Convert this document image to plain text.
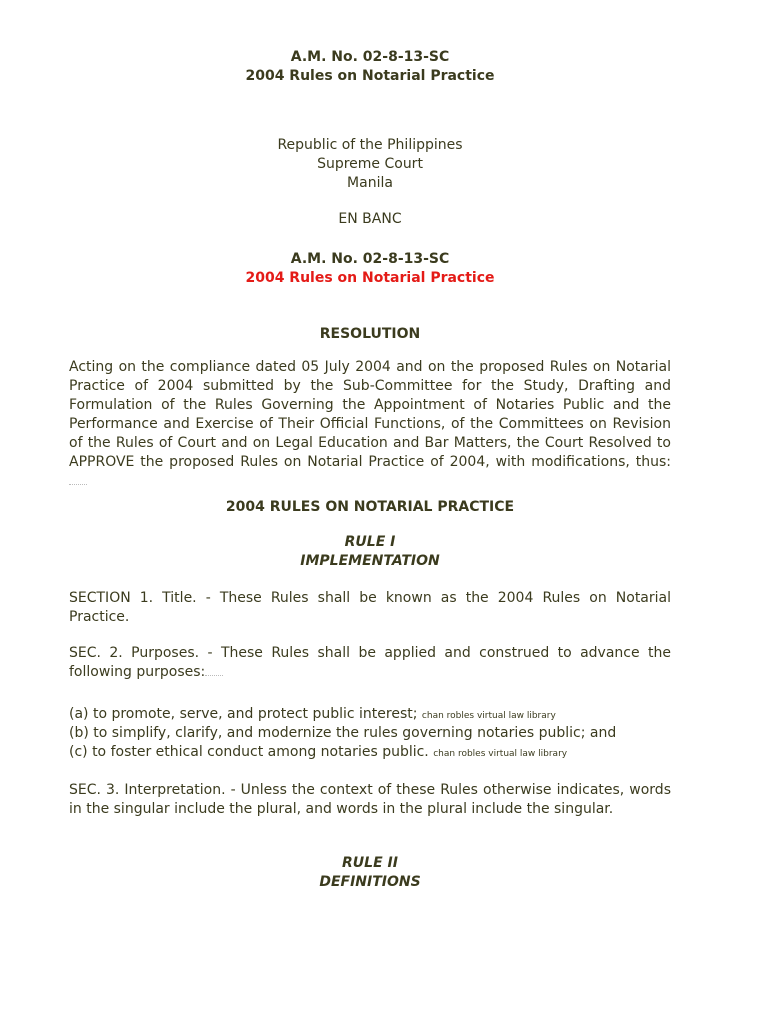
A.M. No. 02-8-13-SC
2004 Rules on Notarial Practice
Republic of the Philippines
Supreme Court
Manila
EN BANC
A.M. No. 02-8-13-SC
2004 Rules on Notarial Practice
RESOLUTION
Acting on the compliance dated 05 July 2004 and on the proposed Rules on Notarial Practice of 2004 submitted by the Sub-Committee for the Study, Drafting and Formulation of the Rules Governing the Appointment of Notaries Public and the Performance and Exercise of Their Official Functions, of the Committees on Revision of the Rules of Court and on Legal Education and Bar Matters, the Court Resolved to APPROVE the proposed Rules on Notarial Practice of 2004, with modifications, thus:
2004 RULES ON NOTARIAL PRACTICE
RULE I
IMPLEMENTATION
SECTION 1. Title. - These Rules shall be known as the 2004 Rules on Notarial Practice.
SEC. 2. Purposes. - These Rules shall be applied and construed to advance the following purposes:
(a) to promote, serve, and protect public interest; chan robles virtual law library
(b) to simplify, clarify, and modernize the rules governing notaries public; and
(c) to foster ethical conduct among notaries public. chan robles virtual law library
SEC. 3. Interpretation. - Unless the context of these Rules otherwise indicates, words in the singular include the plural, and words in the plural include the singular.
RULE II
DEFINITIONS
